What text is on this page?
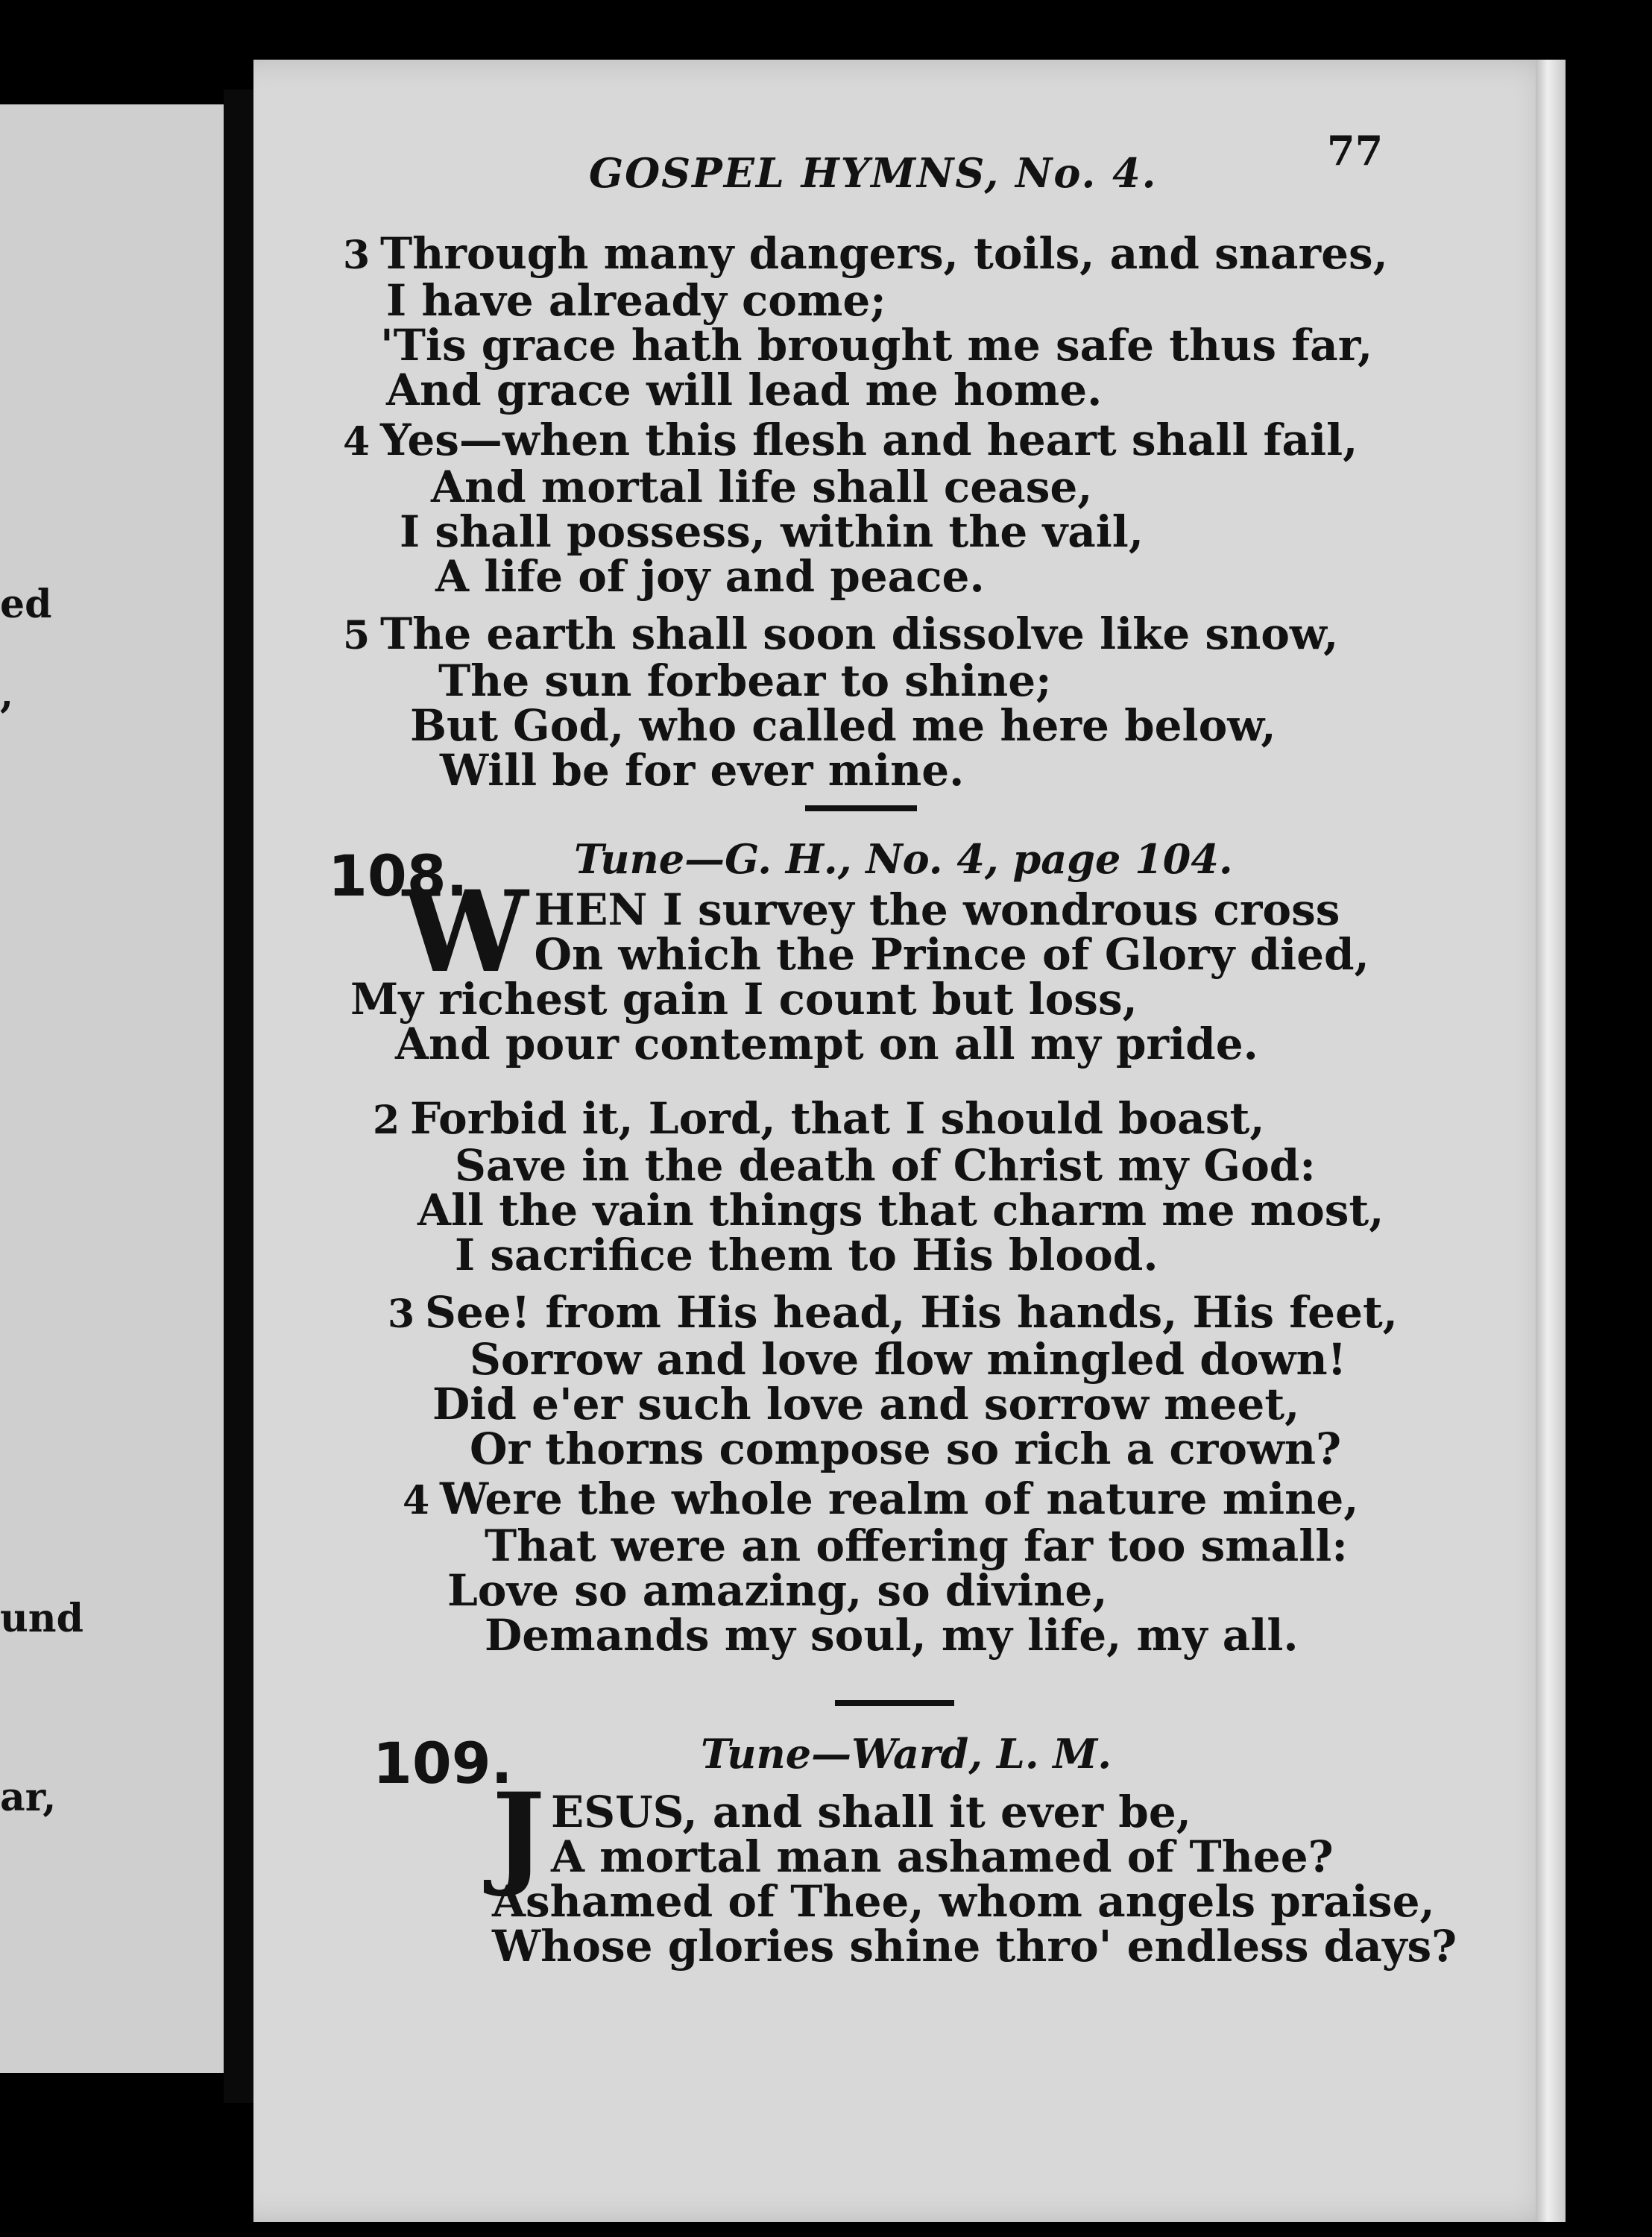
ed
,
und
ar,
GOSPEL HYMNS, No. 4.	77
3 Through many dangers, toils, and snares,
I have already come;
'Tis grace hath brought me safe thus far,
And grace will lead me home.
4 Yes—when this flesh and heart shall fail,
And mortal life shall cease,
I shall possess, within the vail,
A life of joy and peace.
5 The earth shall soon dissolve like snow,
The sun forbear to shine;
But God, who called me here below,
Will be for ever mine.
108.	Tune—G. H., No. 4, page 104.
W HEN I survey the wondrous cross
On which the Prince of Glory died,
My richest gain I count but loss,
And pour contempt on all my pride.
2 Forbid it, Lord, that I should boast,
Save in the death of Christ my God:
All the vain things that charm me most,
I sacrifice them to His blood.
3 See! from His head, His hands, His feet,
Sorrow and love flow mingled down!
Did e'er such love and sorrow meet,
Or thorns compose so rich a crown?
4 Were the whole realm of nature mine,
That were an offering far too small:
Love so amazing, so divine,
Demands my soul, my life, my all.
109.	Tune—Ward, L. M.
J ESUS, and shall it ever be,
A mortal man ashamed of Thee?
Ashamed of Thee, whom angels praise,
Whose glories shine thro' endless days?
